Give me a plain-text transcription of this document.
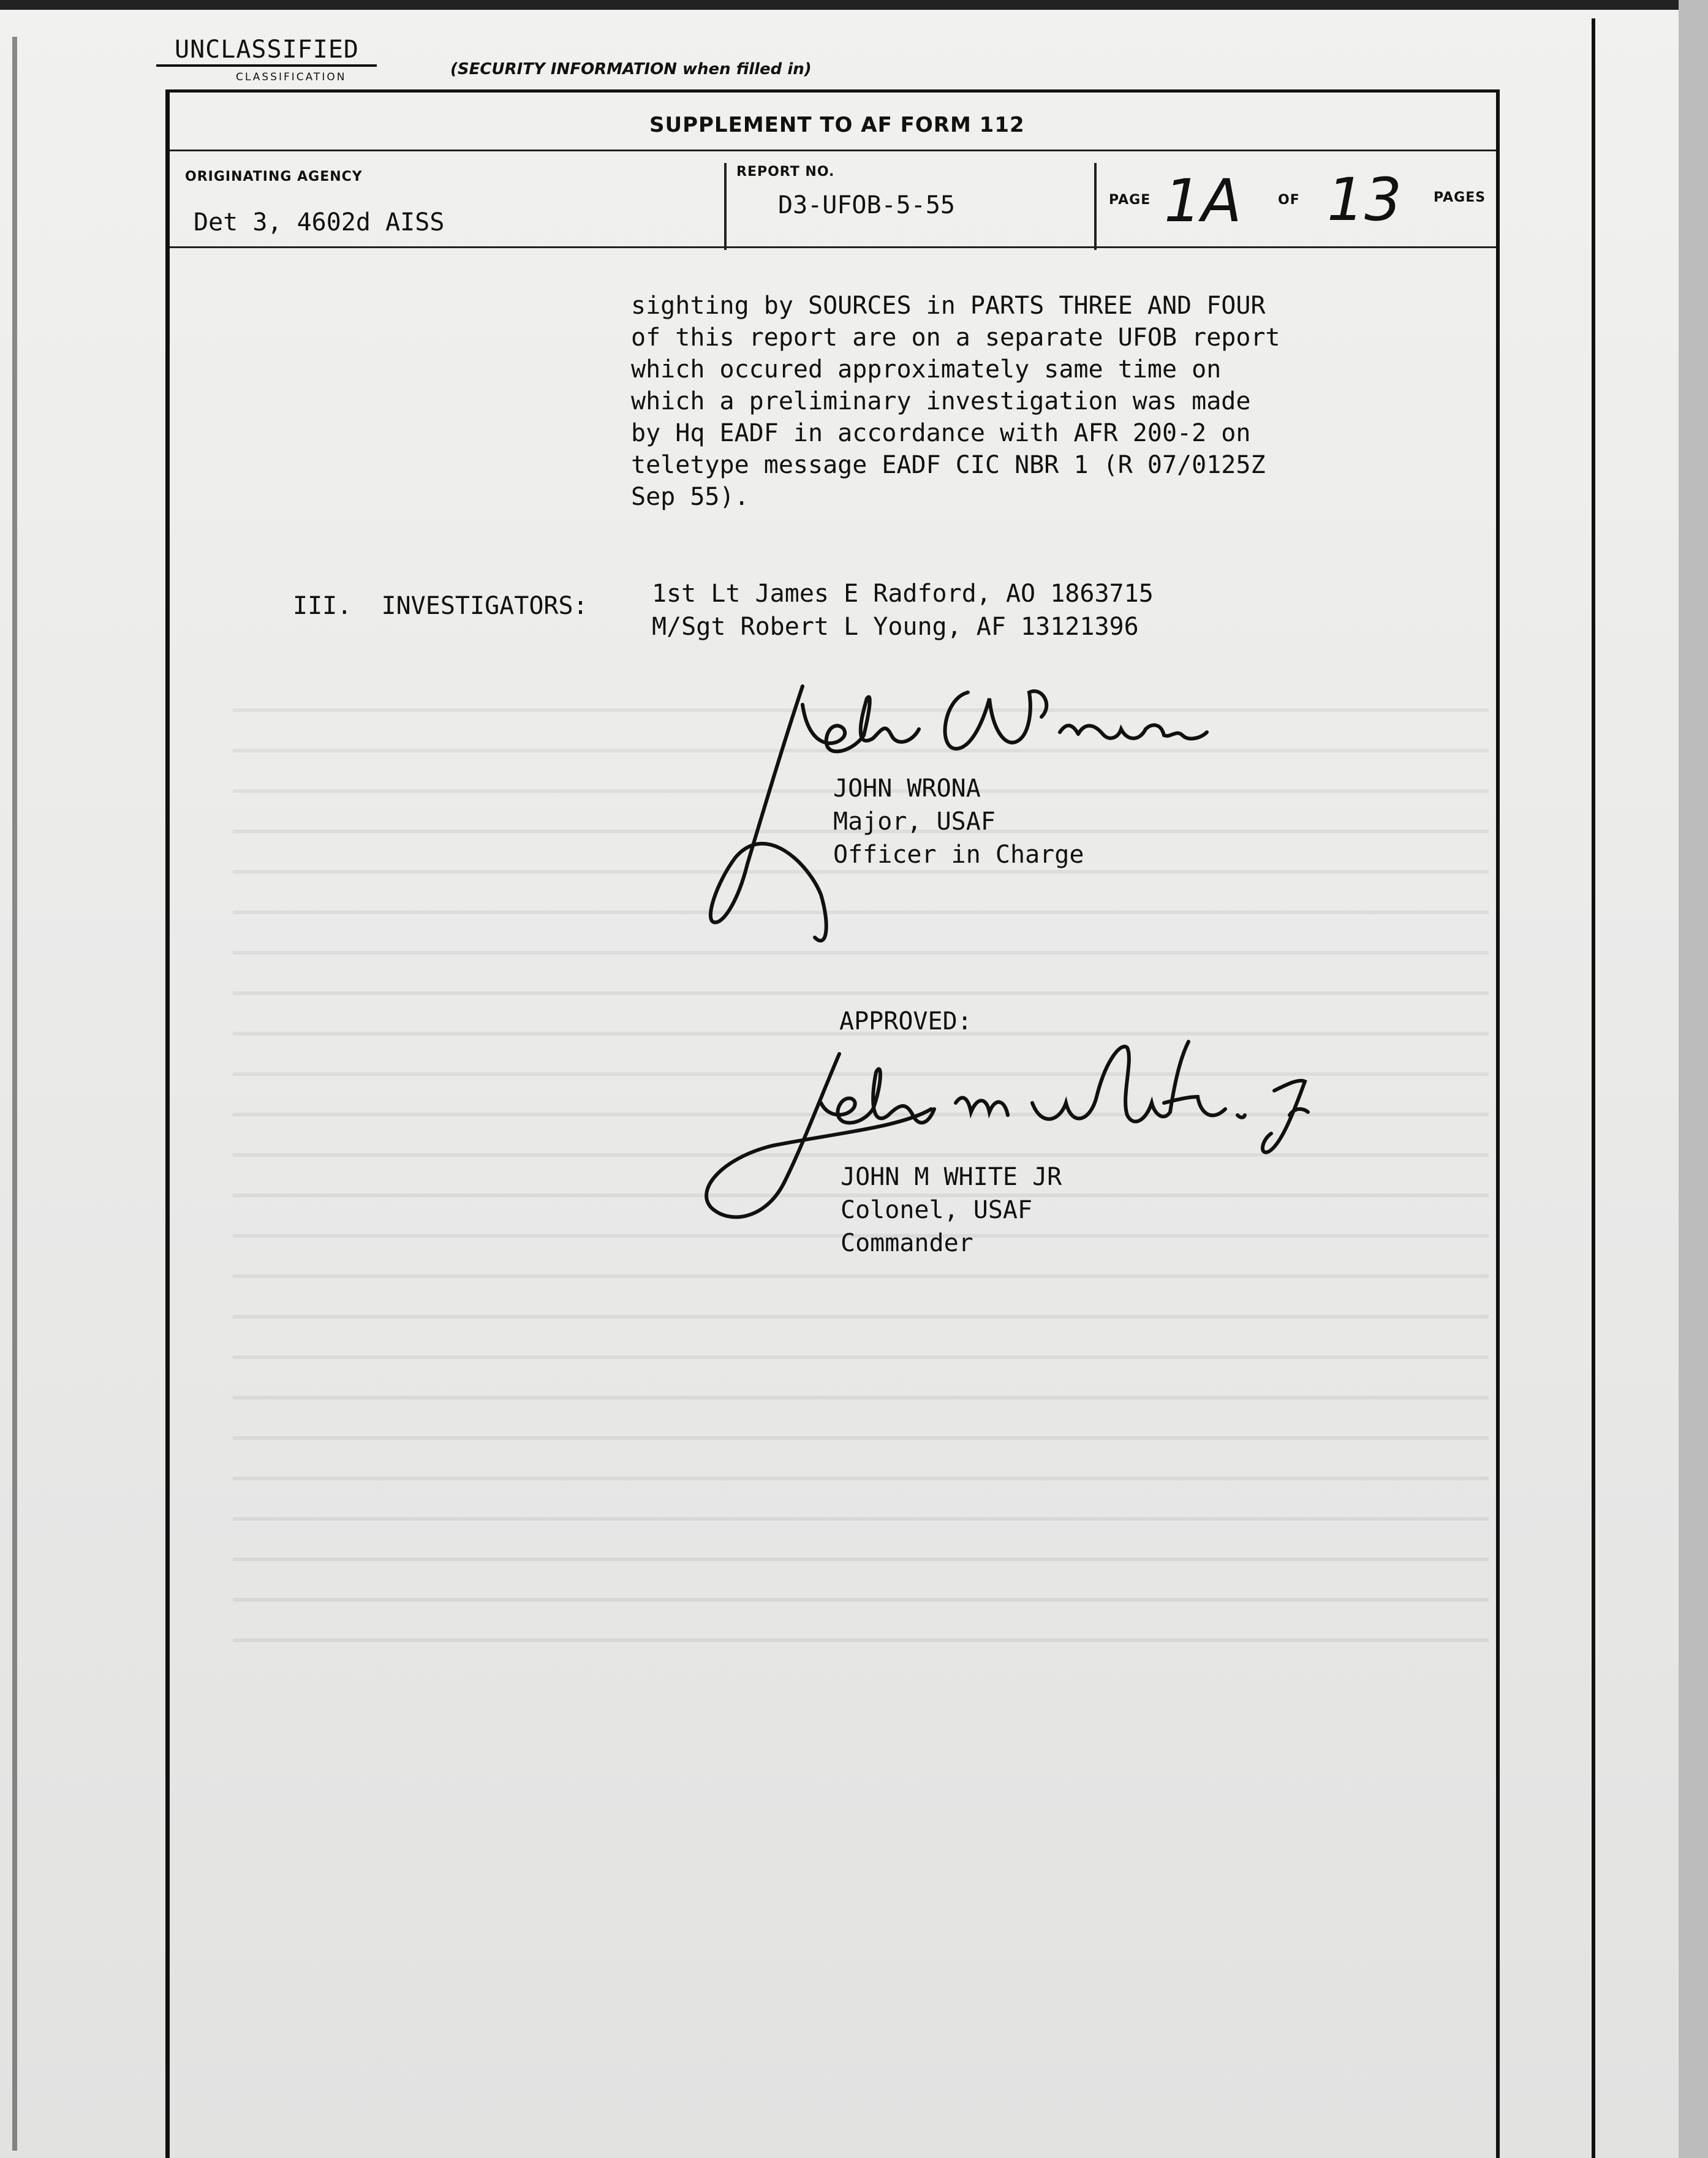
UNCLASSIFIED
CLASSIFICATION	(SECURITY INFORMATION when filled in)
SUPPLEMENT TO AF FORM 112
ORIGINATING AGENCY
Det 3, 4602d AISS
REPORT NO.
D3-UFOB-5-55	PAGE 1A	OF 13 PAGES
sighting by SOURCES in PARTS THREE AND FOUR
of this report are on a separate UFOB report
which occured approximately same time on
which a preliminary investigation was made
by Hq EADF in accordance with AFR 200-2 on
teletype message EADF CIC NBR 1 (R 07/0125Z
Sep 55).
III.  INVESTIGATORS:	1st Lt James E Radford, AO 1863715
M/Sgt Robert L Young, AF 13121396
JOHN WRONA
Major, USAF
Officer in Charge
APPROVED:
JOHN M WHITE JR
Colonel, USAF
Commander
